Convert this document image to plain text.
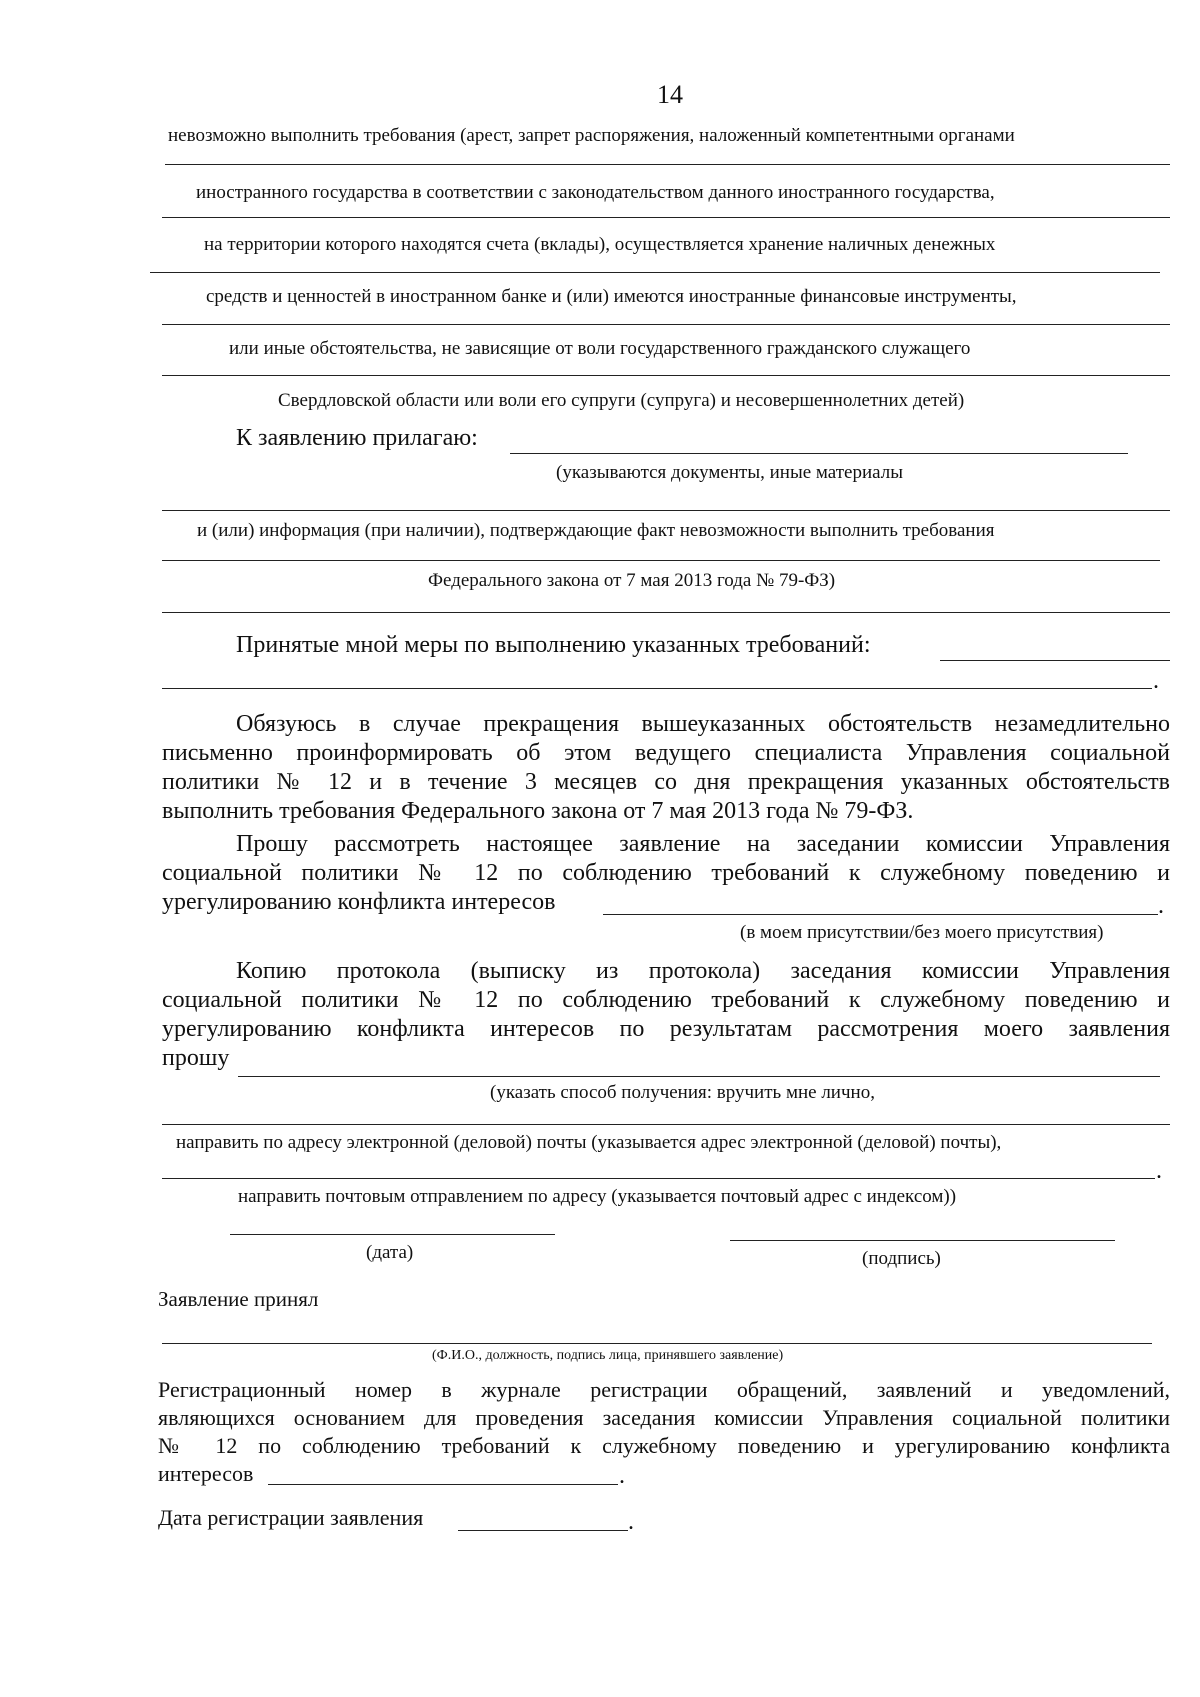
14
невозможно выполнить требования (арест, запрет распоряжения, наложенный компетентными органами
иностранного государства в соответствии с законодательством данного иностранного государства,
на территории которого находятся счета (вклады), осуществляется хранение наличных денежных
средств и ценностей в иностранном банке и (или) имеются иностранные финансовые инструменты,
или иные обстоятельства, не зависящие от воли государственного гражданского служащего
Свердловской области или воли его супруги (супруга) и несовершеннолетних детей)
К заявлению прилагаю:
(указываются документы, иные материалы
и (или) информация (при наличии), подтверждающие факт невозможности выполнить требования
Федерального закона от 7 мая 2013 года № 79-ФЗ)
Принятые мной меры по выполнению указанных требований:
.
Обязуюсь в случае прекращения вышеуказанных обстоятельств незамедлительно
письменно проинформировать об этом ведущего специалиста Управления социальной
политики № 12 и в течение 3 месяцев со дня прекращения указанных обстоятельств
выполнить требования Федерального закона от 7 мая 2013 года № 79-ФЗ.
Прошу рассмотреть настоящее заявление на заседании комиссии Управления
социальной политики № 12 по соблюдению требований к служебному поведению и
урегулированию конфликта интересов	.
(в моем присутствии/без моего присутствия)
Копию протокола (выписку из протокола) заседания комиссии Управления
социальной политики № 12 по соблюдению требований к служебному поведению и
урегулированию конфликта интересов по результатам рассмотрения моего заявления
прошу
(указать способ получения: вручить мне лично,
направить по адресу электронной (деловой) почты (указывается адрес электронной (деловой) почты),
.
направить почтовым отправлением по адресу (указывается почтовый адрес с индексом))
(дата)	(подпись)
Заявление принял
(Ф.И.О., должность, подпись лица, принявшего заявление)
Регистрационный номер в журнале регистрации обращений, заявлений и уведомлений,
являющихся основанием для проведения заседания комиссии Управления социальной политики
№ 12 по соблюдению требований к служебному поведению и урегулированию конфликта
интересов	.
Дата регистрации заявления	.
